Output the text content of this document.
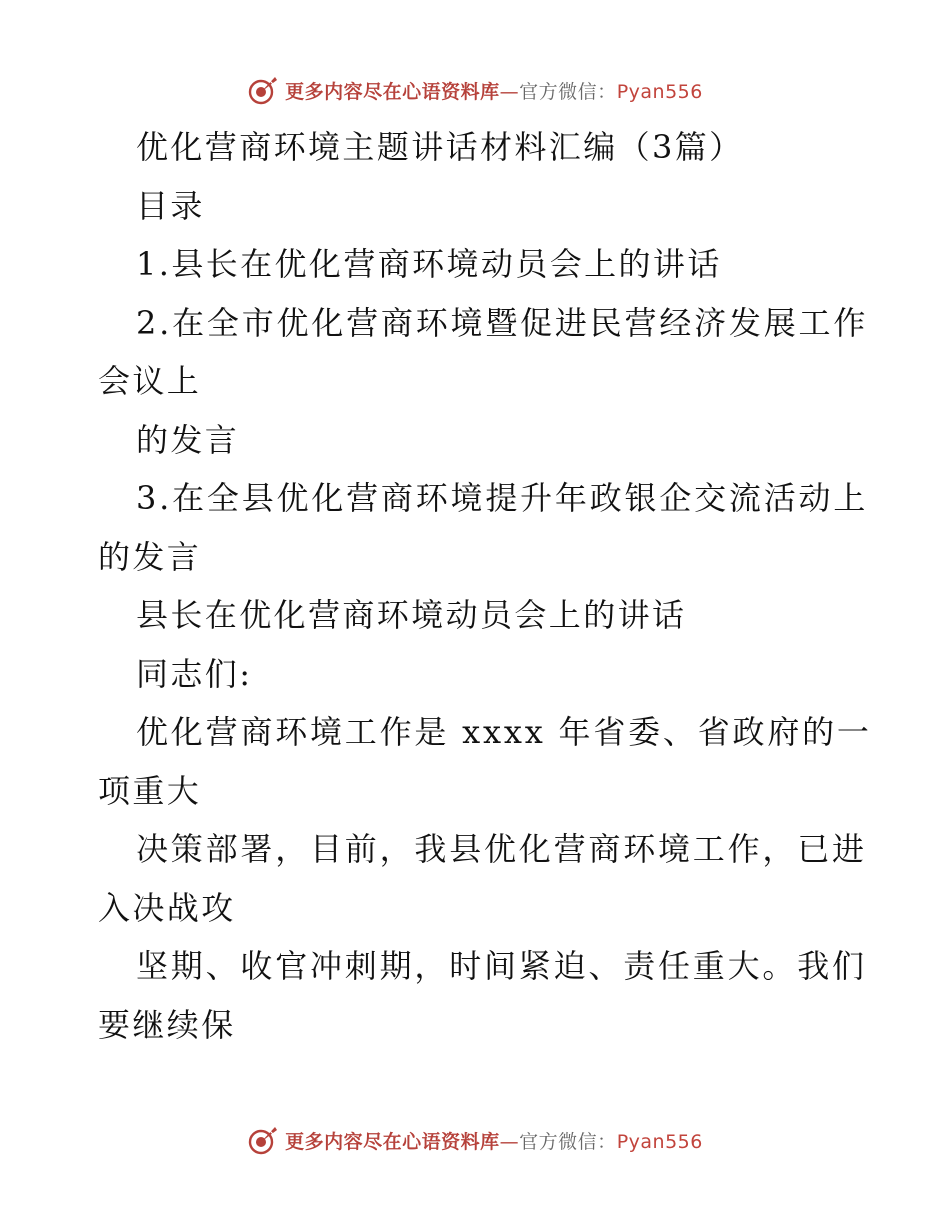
更多内容尽在心语资料库—官方微信：Pyan556
优化营商环境主题讲话材料汇编（3篇）
目录
1.县长在优化营商环境动员会上的讲话
2.在全市优化营商环境暨促进民营经济发展工作
会议上
的发言
3.在全县优化营商环境提升年政银企交流活动上
的发言
县长在优化营商环境动员会上的讲话
同志们:
优化营商环境工作是 xxxx 年省委、省政府的一
项重大
决策部署，目前，我县优化营商环境工作，已进
入决战攻
坚期、收官冲刺期，时间紧迫、责任重大。我们
要继续保
更多内容尽在心语资料库—官方微信：Pyan556
